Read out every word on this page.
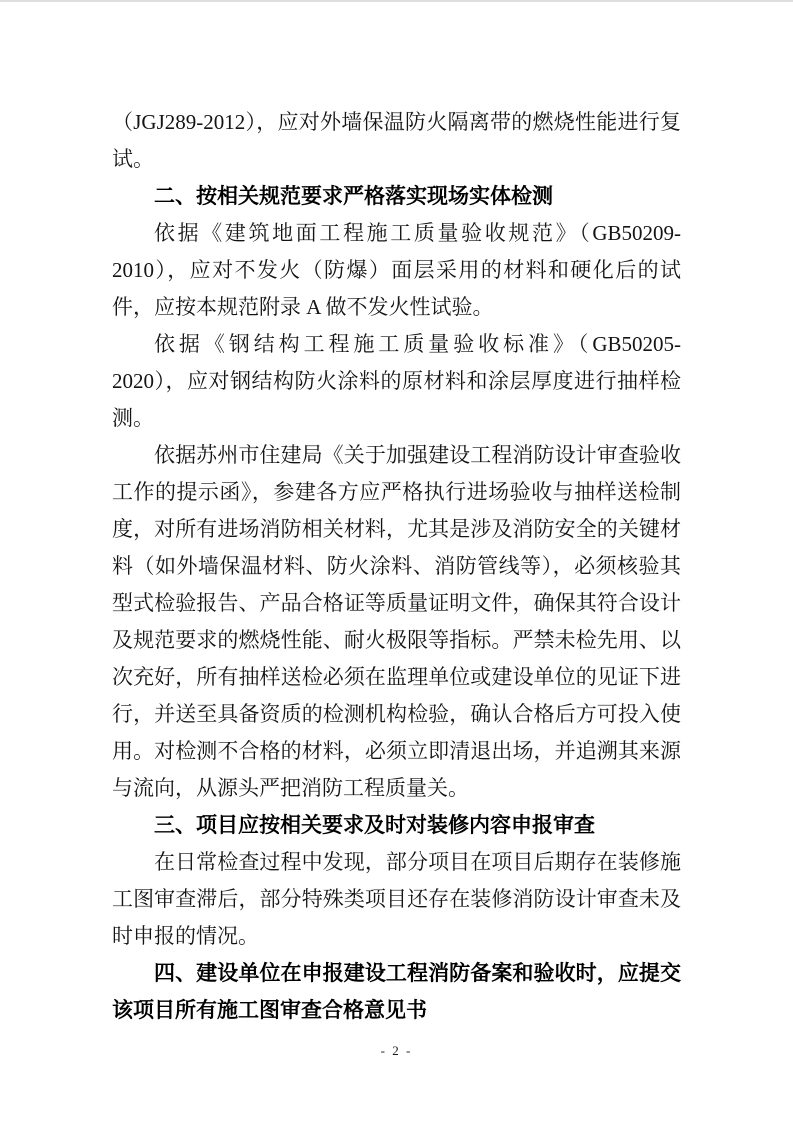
（JGJ289-2012），应对外墙保温防火隔离带的燃烧性能进行复试。
二、按相关规范要求严格落实现场实体检测
依据《建筑地面工程施工质量验收规范》（GB50209-2010），应对不发火（防爆）面层采用的材料和硬化后的试件，应按本规范附录 A 做不发火性试验。
依据《钢结构工程施工质量验收标准》（GB50205-2020），应对钢结构防火涂料的原材料和涂层厚度进行抽样检测。
依据苏州市住建局《关于加强建设工程消防设计审查验收工作的提示函》，参建各方应严格执行进场验收与抽样送检制度，对所有进场消防相关材料，尤其是涉及消防安全的关键材料（如外墙保温材料、防火涂料、消防管线等），必须核验其型式检验报告、产品合格证等质量证明文件，确保其符合设计及规范要求的燃烧性能、耐火极限等指标。严禁未检先用、以次充好，所有抽样送检必须在监理单位或建设单位的见证下进行，并送至具备资质的检测机构检验，确认合格后方可投入使用。对检测不合格的材料，必须立即清退出场，并追溯其来源与流向，从源头严把消防工程质量关。
三、项目应按相关要求及时对装修内容申报审查
在日常检查过程中发现，部分项目在项目后期存在装修施工图审查滞后，部分特殊类项目还存在装修消防设计审查未及时申报的情况。
四、建设单位在申报建设工程消防备案和验收时，应提交该项目所有施工图审查合格意见书
- 2 -
